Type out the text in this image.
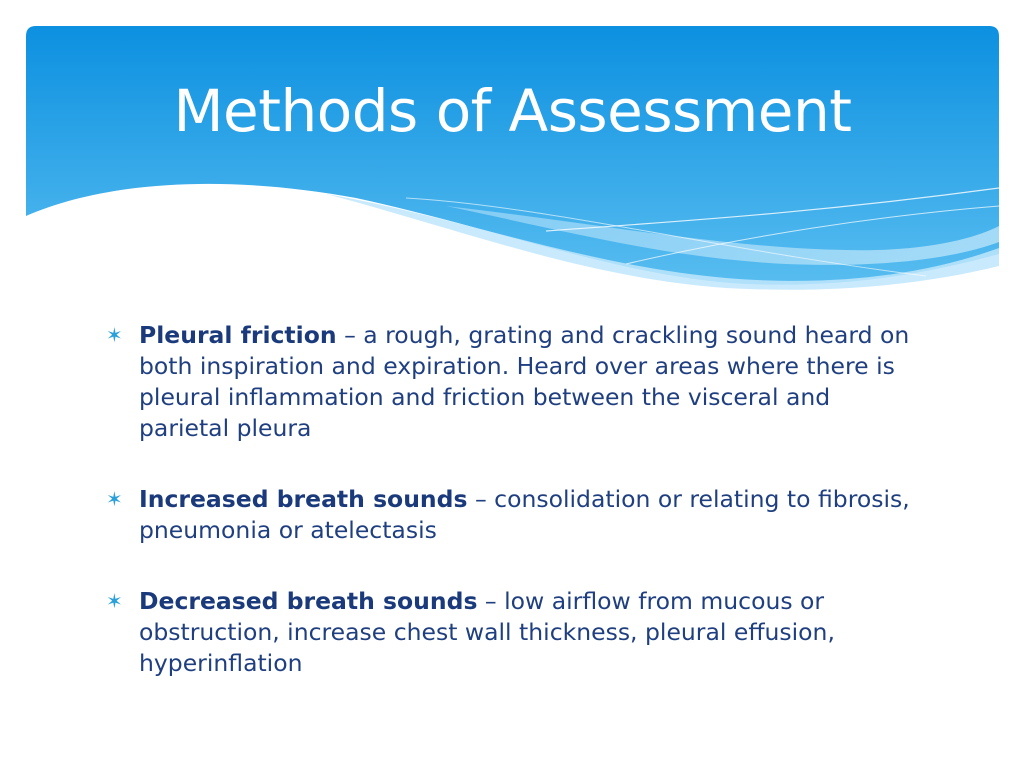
Methods of Assessment
✶ Pleural friction – a rough, grating and crackling sound heard on both inspiration and expiration. Heard over areas where there is pleural inflammation and friction between the visceral and parietal pleura
✶ Increased breath sounds – consolidation or relating to fibrosis, pneumonia or atelectasis
✶ Decreased breath sounds – low airflow from mucous or obstruction, increase chest wall thickness, pleural effusion, hyperinflation
